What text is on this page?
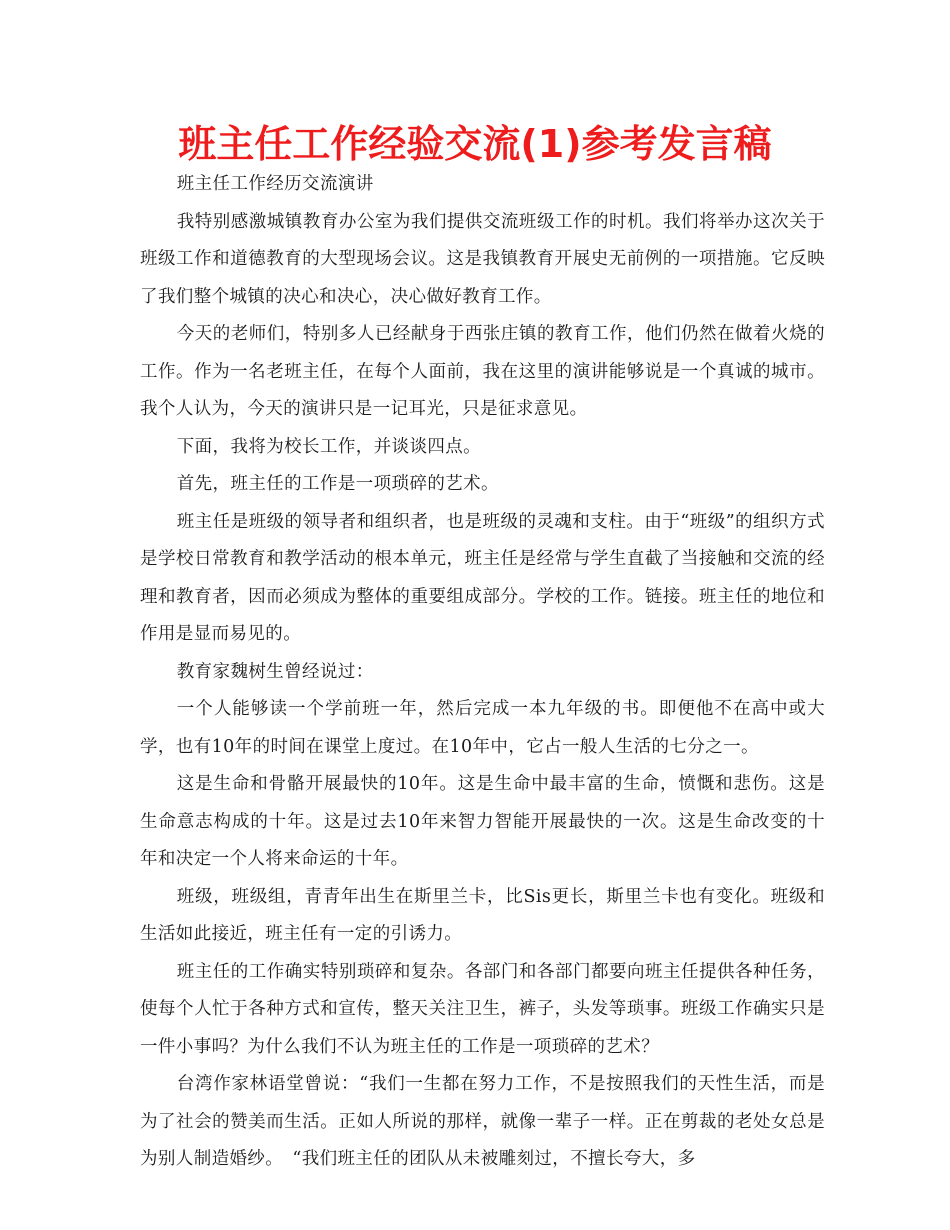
班主任工作经验交流(1)参考发言稿

班主任工作经历交流演讲

我特别感激城镇教育办公室为我们提供交流班级工作的时机。我们将举办这次关于班级工作和道德教育的大型现场会议。这是我镇教育开展史无前例的一项措施。它反映了我们整个城镇的决心和决心，决心做好教育工作。

今天的老师们，特别多人已经献身于西张庄镇的教育工作，他们仍然在做着火烧的工作。作为一名老班主任，在每个人面前，我在这里的演讲能够说是一个真诚的城市。我个人认为，今天的演讲只是一记耳光，只是征求意见。

下面，我将为校长工作，并谈谈四点。

首先，班主任的工作是一项琐碎的艺术。

班主任是班级的领导者和组织者，也是班级的灵魂和支柱。由于“班级”的组织方式是学校日常教育和教学活动的根本单元，班主任是经常与学生直截了当接触和交流的经理和教育者，因而必须成为整体的重要组成部分。学校的工作。链接。班主任的地位和作用是显而易见的。

教育家魏树生曾经说过：

一个人能够读一个学前班一年，然后完成一本九年级的书。即便他不在高中或大学，也有10年的时间在课堂上度过。在10年中，它占一般人生活的七分之一。

这是生命和骨骼开展最快的10年。这是生命中最丰富的生命，愤慨和悲伤。这是生命意志构成的十年。这是过去10年来智力智能开展最快的一次。这是生命改变的十年和决定一个人将来命运的十年。

班级，班级组，青青年出生在斯里兰卡，比Sis更长，斯里兰卡也有变化。班级和生活如此接近，班主任有一定的引诱力。

班主任的工作确实特别琐碎和复杂。各部门和各部门都要向班主任提供各种任务，使每个人忙于各种方式和宣传，整天关注卫生，裤子，头发等琐事。班级工作确实只是一件小事吗？为什么我们不认为班主任的工作是一项琐碎的艺术？

台湾作家林语堂曾说：“我们一生都在努力工作，不是按照我们的天性生活，而是为了社会的赞美而生活。正如人所说的那样，就像一辈子一样。正在剪裁的老处女总是为别人制造婚纱。　“我们班主任的团队从未被雕刻过，不擅长夸大，多
